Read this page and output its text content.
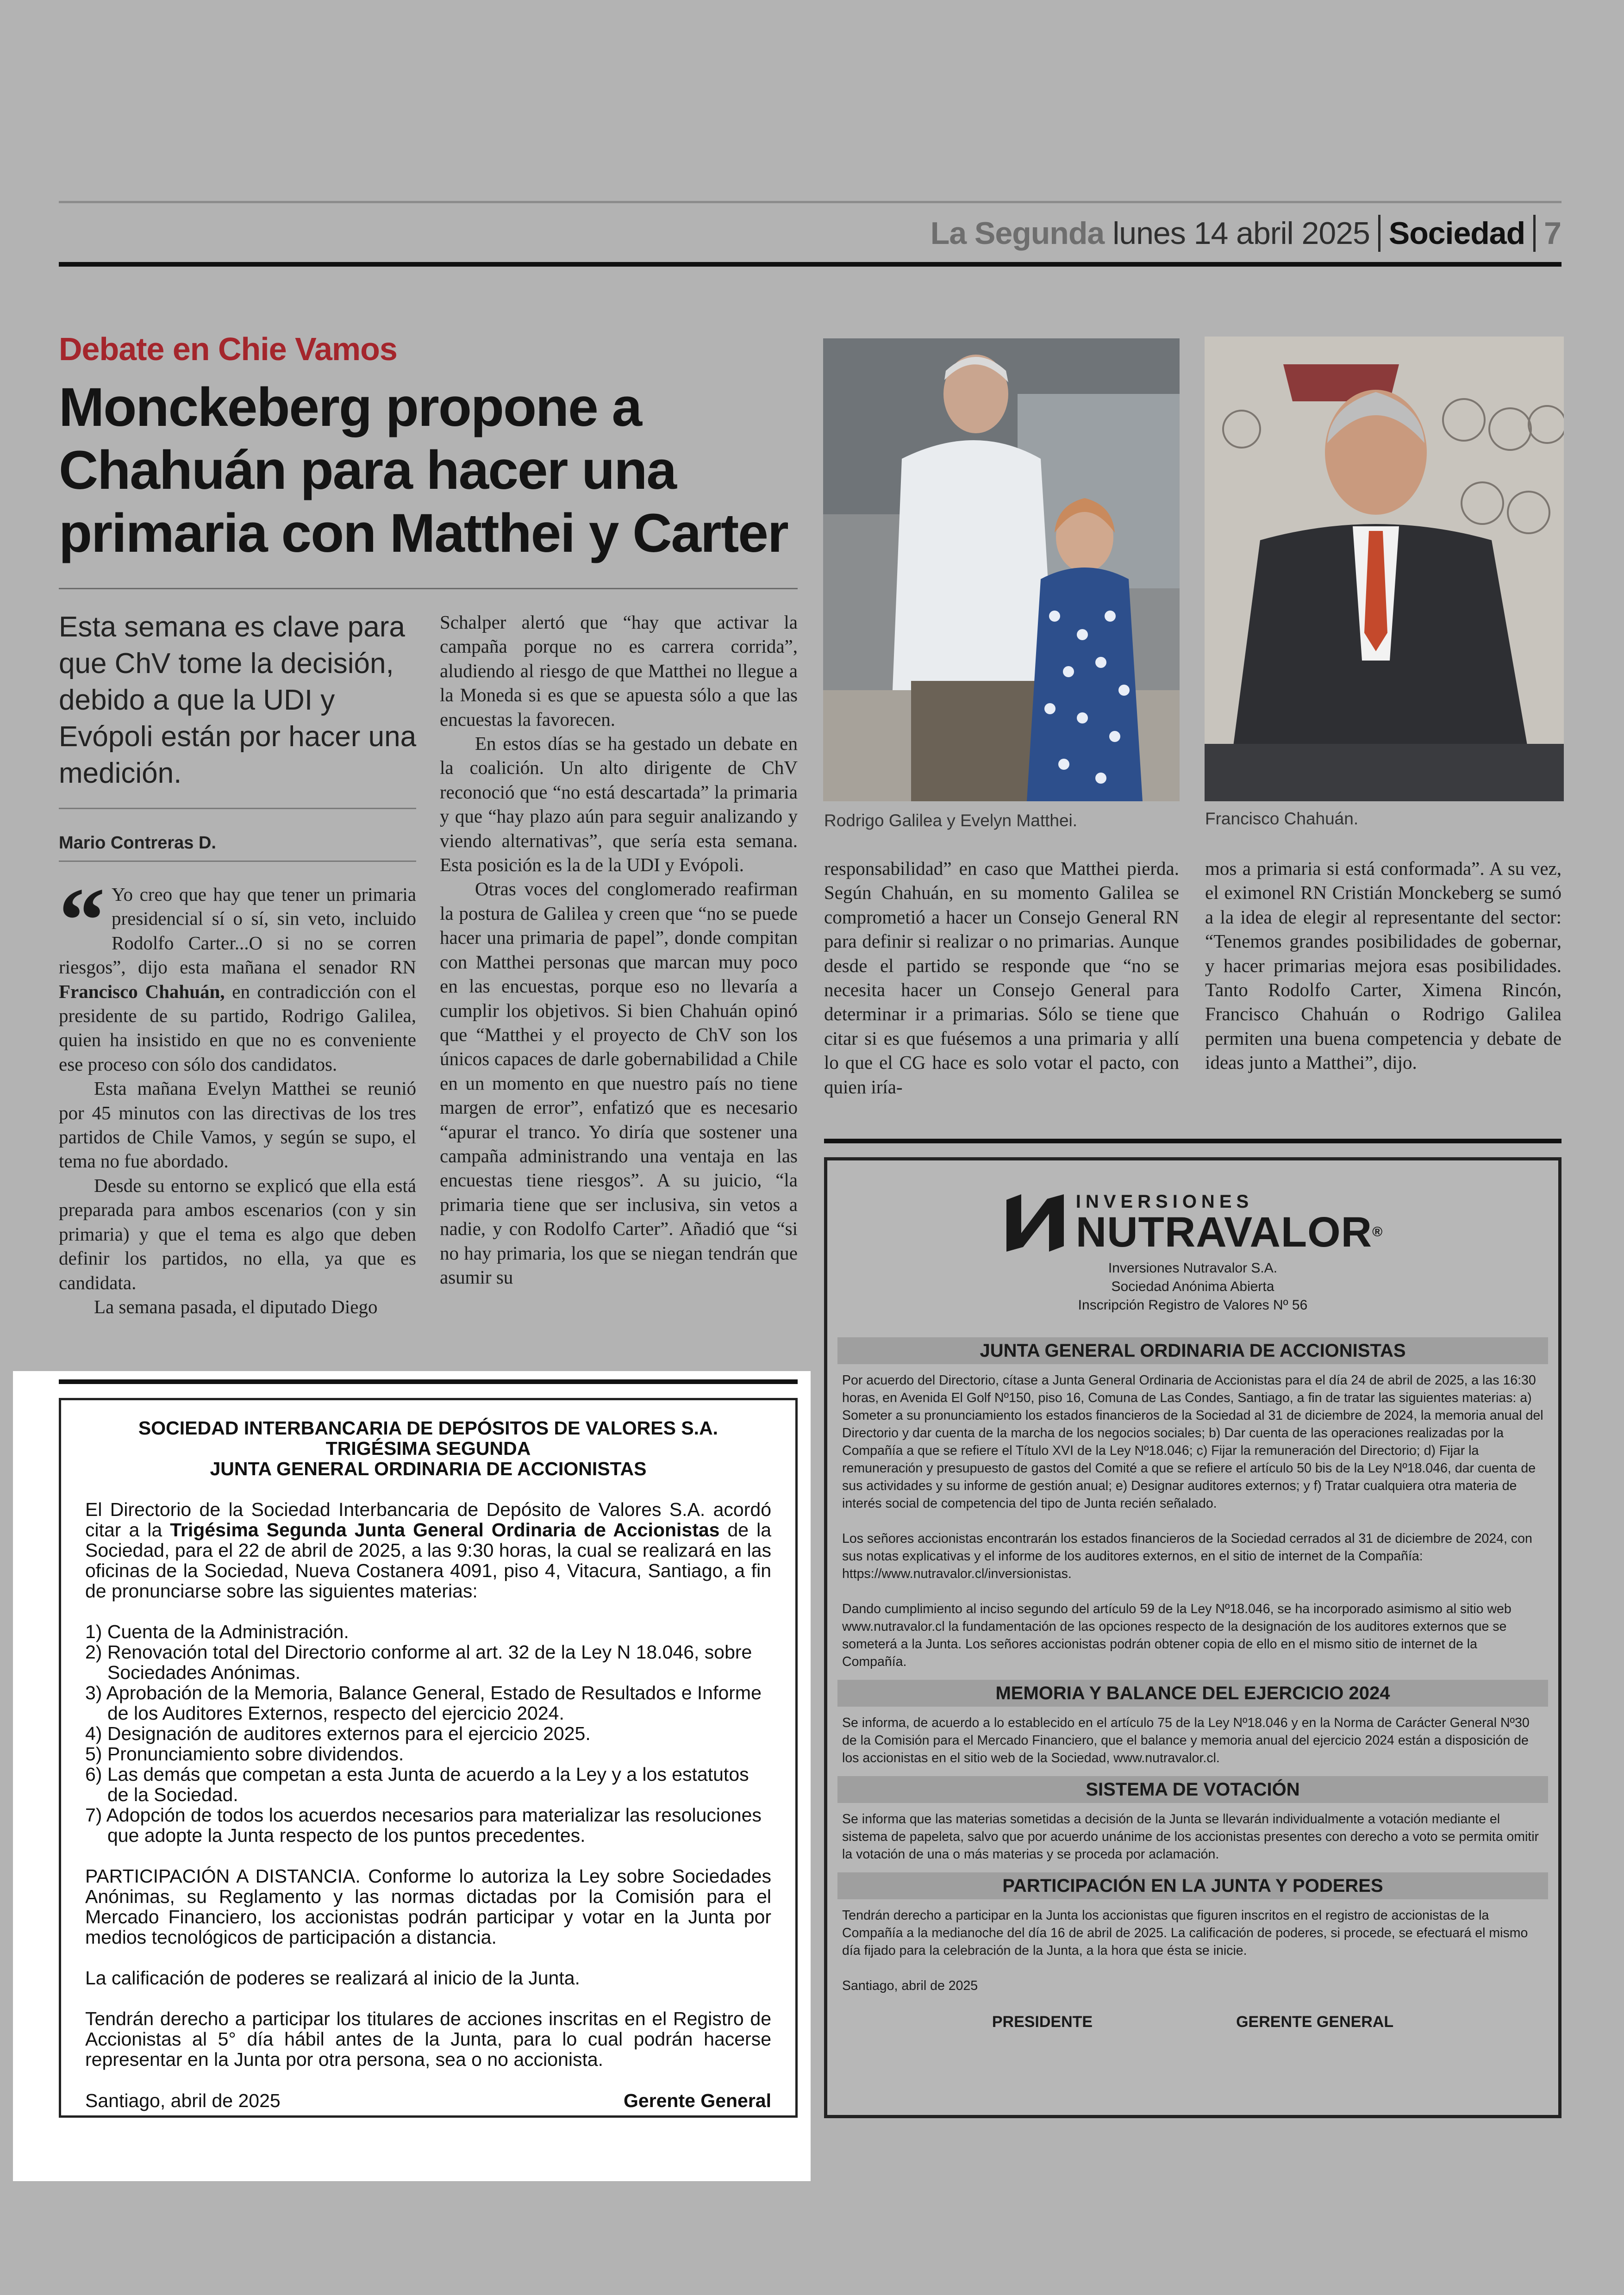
La Segunda lunes 14 abril 2025 Sociedad 7
Debate en Chie Vamos
Monckeberg propone a
Chahuán para hacer una
primaria con Matthei y Carter
Esta semana es clave para que ChV tome la decisión, debido a que la UDI y Evópoli están por hacer una medición.
Mario Contreras D.

“ Yo creo que hay que tener un primaria presidencial sí o sí, sin veto, incluido Rodolfo Carter...O si no se corren riesgos”, dijo esta mañana el senador RN Francisco Chahuán, en contradicción con el presidente de su partido, Rodrigo Galilea, quien ha insistido en que no es conveniente ese proceso con sólo dos candidatos.

Esta mañana Evelyn Matthei se reunió por 45 minutos con las directivas de los tres partidos de Chile Vamos, y según se supo, el tema no fue abordado.

Desde su entorno se explicó que ella está preparada para ambos escenarios (con y sin primaria) y que el tema es algo que deben definir los partidos, no ella, ya que es candidata.

La semana pasada, el diputado Diego

Schalper alertó que “hay que activar la campaña porque no es carrera corrida”, aludiendo al riesgo de que Matthei no llegue a la Moneda si es que se apuesta sólo a que las encuestas la favorecen.

En estos días se ha gestado un debate en la coalición. Un alto dirigente de ChV reconoció que “no está descartada” la primaria y que “hay plazo aún para seguir analizando y viendo alternativas”, que sería esta semana. Esta posición es la de la UDI y Evópoli.

Otras voces del conglomerado reafirman la postura de Galilea y creen que “no se puede hacer una primaria de papel”, donde compitan con Matthei personas que marcan muy poco en las encuestas, porque eso no llevaría a cumplir los objetivos. Si bien Chahuán opinó que “Matthei y el proyecto de ChV son los únicos capaces de darle gobernabilidad a Chile en un momento en que nuestro país no tiene margen de error”, enfatizó que es necesario “apurar el tranco. Yo diría que sostener una campaña administrando una ventaja en las encuestas tiene riesgos”. A su juicio, “la primaria tiene que ser inclusiva, sin vetos a nadie, y con Rodolfo Carter”. Añadió que “si no hay primaria, los que se niegan tendrán que asumir su

responsabilidad” en caso que Matthei pierda. Según Chahuán, en su momento Galilea se comprometió a hacer un Consejo General RN para definir si realizar o no primarias. Aunque desde el partido se responde que “no se necesita hacer un Consejo General para determinar ir a primarias. Sólo se tiene que citar si es que fuésemos a una primaria y allí lo que el CG hace es solo votar el pacto, con quien iría-

mos a primaria si está conformada”. A su vez, el eximonel RN Cristián Monckeberg se sumó a la idea de elegir al representante del sector: “Tenemos grandes posibilidades de gobernar, y hacer primarias mejora esas posibilidades. Tanto Rodolfo Carter, Ximena Rincón, Francisco Chahuán o Rodrigo Galilea permiten una buena competencia y debate de ideas junto a Matthei”, dijo.

Rodrigo Galilea y Evelyn Matthei.	Francisco Chahuán.
SOCIEDAD INTERBANCARIA DE DEPÓSITOS DE VALORES S.A.
TRIGÉSIMA SEGUNDA
JUNTA GENERAL ORDINARIA DE ACCIONISTAS
El Directorio de la Sociedad Interbancaria de Depósito de Valores S.A. acordó citar a la Trigésima Segunda Junta General Ordinaria de Accionistas de la Sociedad, para el 22 de abril de 2025, a las 9:30 horas, la cual se realizará en las oficinas de la Sociedad, Nueva Costanera 4091, piso 4, Vitacura, Santiago, a fin de pronunciarse sobre las siguientes materias:
1) Cuenta de la Administración.
2) Renovación total del Directorio conforme al art. 32 de la Ley N 18.046, sobre Sociedades Anónimas.
3) Aprobación de la Memoria, Balance General, Estado de Resultados e Informe de los Auditores Externos, respecto del ejercicio 2024.
4) Designación de auditores externos para el ejercicio 2025.
5) Pronunciamiento sobre dividendos.
6) Las demás que competan a esta Junta de acuerdo a la Ley y a los estatutos de la Sociedad.
7) Adopción de todos los acuerdos necesarios para materializar las resoluciones que adopte la Junta respecto de los puntos precedentes.
PARTICIPACIÓN A DISTANCIA. Conforme lo autoriza la Ley sobre Sociedades Anónimas, su Reglamento y las normas dictadas por la Comisión para el Mercado Financiero, los accionistas podrán participar y votar en la Junta por medios tecnológicos de participación a distancia.
La calificación de poderes se realizará al inicio de la Junta.
Tendrán derecho a participar los titulares de acciones inscritas en el Registro de Accionistas al 5° día hábil antes de la Junta, para lo cual podrán hacerse representar en la Junta por otra persona, sea o no accionista.
Santiago, abril de 2025	Gerente General
INVERSIONES
NUTRAVALOR®
Inversiones Nutravalor S.A.
Sociedad Anónima Abierta
Inscripción Registro de Valores Nº 56
JUNTA GENERAL ORDINARIA DE ACCIONISTAS
Por acuerdo del Directorio, cítase a Junta General Ordinaria de Accionistas para el día 24 de abril de 2025, a las 16:30 horas, en Avenida El Golf Nº150, piso 16, Comuna de Las Condes, Santiago, a fin de tratar las siguientes materias: a) Someter a su pronunciamiento los estados financieros de la Sociedad al 31 de diciembre de 2024, la memoria anual del Directorio y dar cuenta de la marcha de los negocios sociales; b) Dar cuenta de las operaciones realizadas por la Compañía a que se refiere el Título XVI de la Ley Nº18.046; c) Fijar la remuneración del Directorio; d) Fijar la remuneración y presupuesto de gastos del Comité a que se refiere el artículo 50 bis de la Ley Nº18.046, dar cuenta de sus actividades y su informe de gestión anual; e) Designar auditores externos; y f) Tratar cualquiera otra materia de interés social de competencia del tipo de Junta recién señalado.
Los señores accionistas encontrarán los estados financieros de la Sociedad cerrados al 31 de diciembre de 2024, con sus notas explicativas y el informe de los auditores externos, en el sitio de internet de la Compañía: https://www.nutravalor.cl/inversionistas.
Dando cumplimiento al inciso segundo del artículo 59 de la Ley Nº18.046, se ha incorporado asimismo al sitio web www.nutravalor.cl la fundamentación de las opciones respecto de la designación de los auditores externos que se someterá a la Junta. Los señores accionistas podrán obtener copia de ello en el mismo sitio de internet de la Compañía.
MEMORIA Y BALANCE DEL EJERCICIO 2024
Se informa, de acuerdo a lo establecido en el artículo 75 de la Ley Nº18.046 y en la Norma de Carácter General Nº30 de la Comisión para el Mercado Financiero, que el balance y memoria anual del ejercicio 2024 están a disposición de los accionistas en el sitio web de la Sociedad, www.nutravalor.cl.
SISTEMA DE VOTACIÓN
Se informa que las materias sometidas a decisión de la Junta se llevarán individualmente a votación mediante el sistema de papeleta, salvo que por acuerdo unánime de los accionistas presentes con derecho a voto se permita omitir la votación de una o más materias y se proceda por aclamación.
PARTICIPACIÓN EN LA JUNTA Y PODERES
Tendrán derecho a participar en la Junta los accionistas que figuren inscritos en el registro de accionistas de la Compañía a la medianoche del día 16 de abril de 2025. La calificación de poderes, si procede, se efectuará el mismo día fijado para la celebración de la Junta, a la hora que ésta se inicie.
Santiago, abril de 2025
PRESIDENTE	GERENTE GENERAL
